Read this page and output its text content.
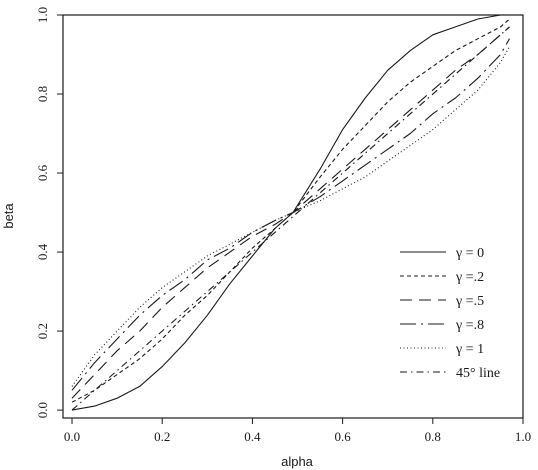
0.0	0.2	0.4	0.6	0.8	1.0
0.0
0.2
0.4
0.6
0.8
1.0
γ = 0
γ =.2
γ =.5
γ =.8
γ = 1
45° line
alpha
beta
